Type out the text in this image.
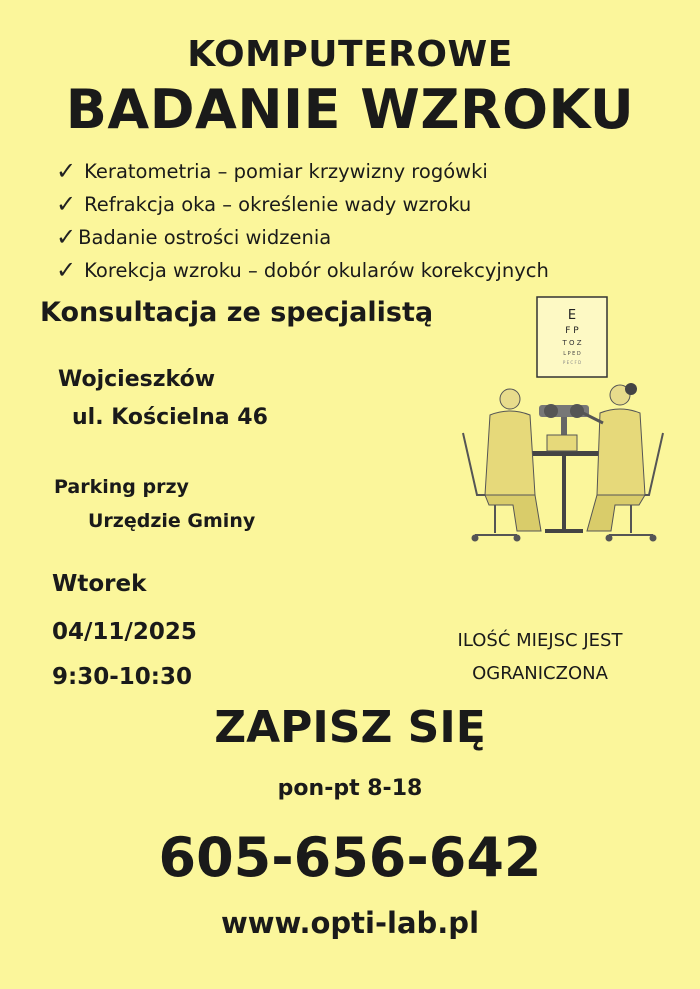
KOMPUTEROWE
BADANIE WZROKU
✓ Keratometria – pomiar krzywizny rogówki
✓ Refrakcja oka – określenie wady wzroku
✓ Badanie ostrości widzenia
✓ Korekcja wzroku – dobór okularów korekcyjnych
Konsultacja ze specjalistą
Wojcieszków
ul. Kościelna 46
Parking przy
Urzędzie Gminy
Wtorek
04/11/2025
9:30-10:30
ILOŚĆ MIEJSC JEST
OGRANICZONA
E
F P
T O Z
L P E D
P E C F D
ZAPISZ SIĘ
pon-pt 8-18
605-656-642
www.opti-lab.pl
